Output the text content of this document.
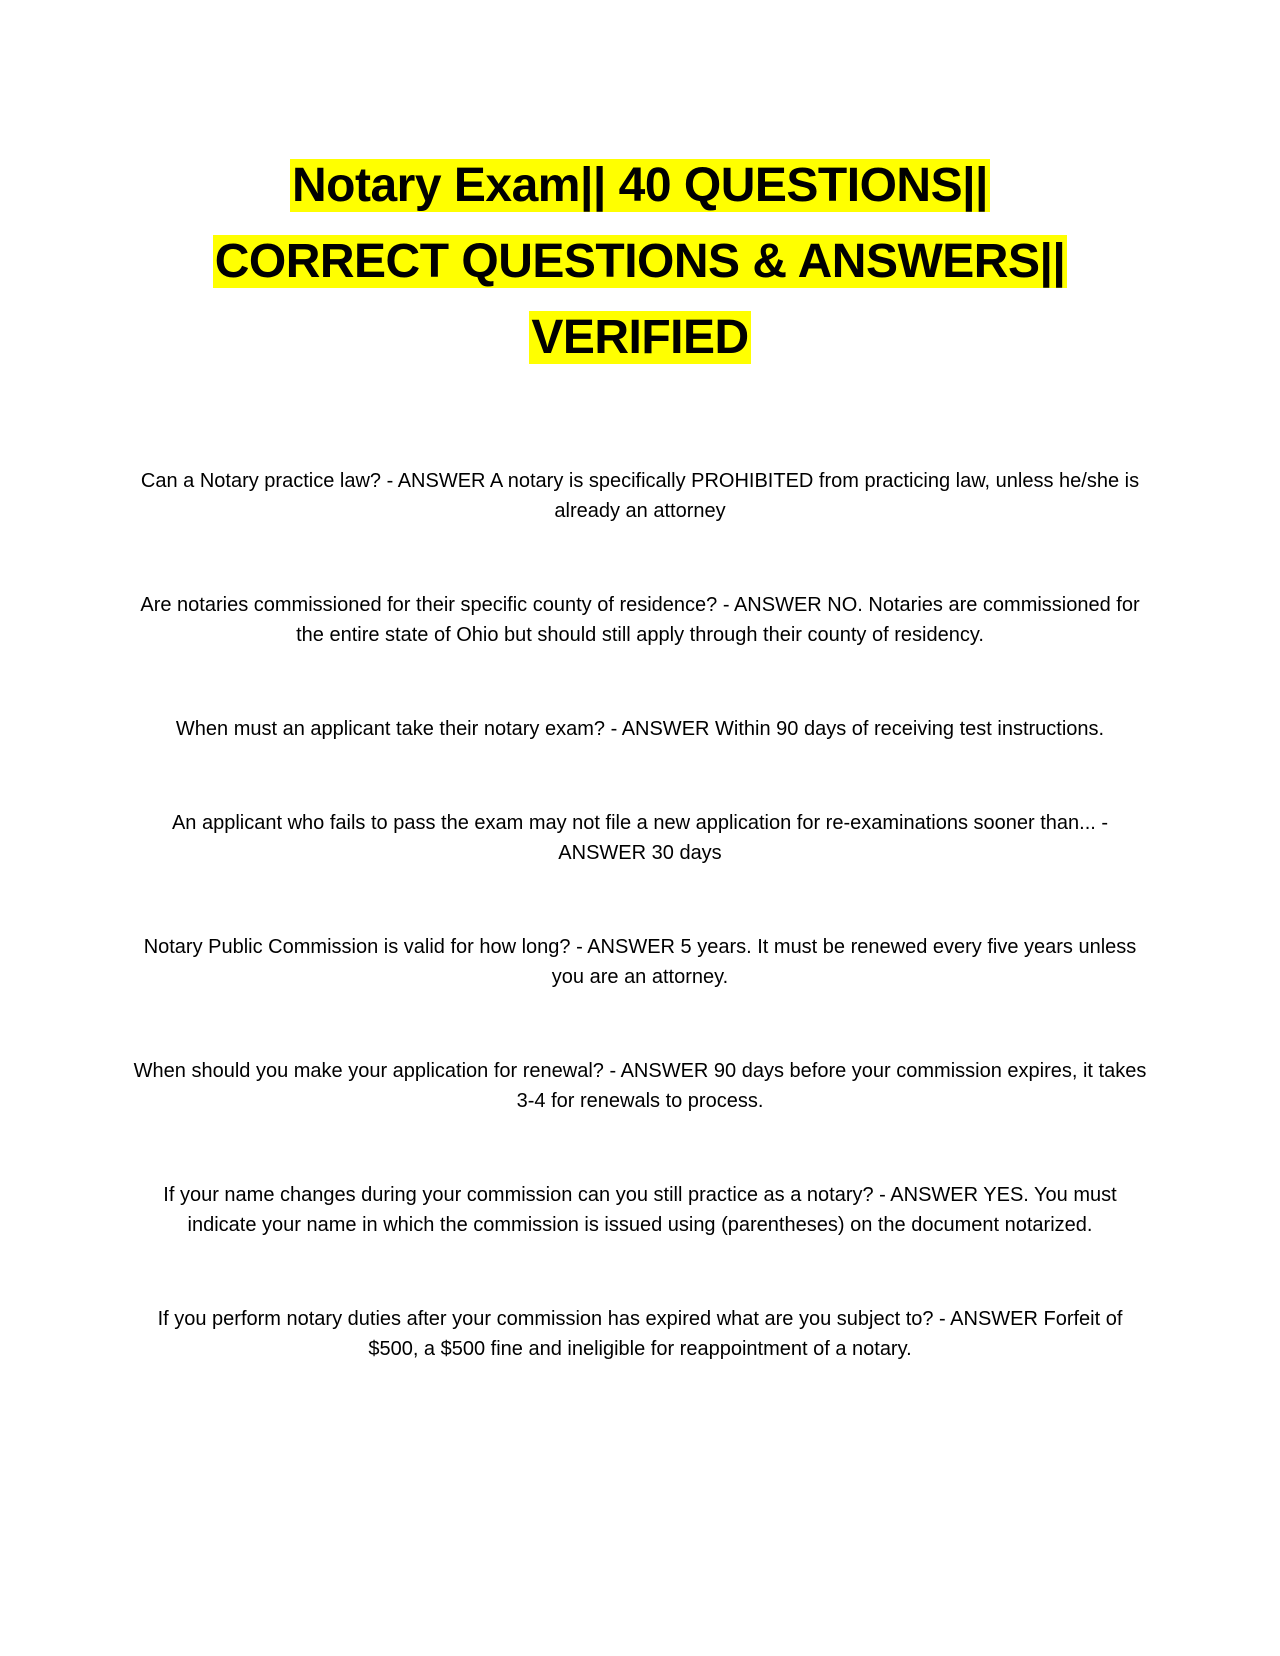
Notary Exam|| 40 QUESTIONS||
CORRECT QUESTIONS & ANSWERS||
VERIFIED

Can a Notary practice law? - ANSWER A notary is specifically PROHIBITED from practicing law, unless he/she is already an attorney

Are notaries commissioned for their specific county of residence? - ANSWER NO. Notaries are commissioned for the entire state of Ohio but should still apply through their county of residency.

When must an applicant take their notary exam? - ANSWER Within 90 days of receiving test instructions.

An applicant who fails to pass the exam may not file a new application for re-examinations sooner than... - ANSWER 30 days

Notary Public Commission is valid for how long? - ANSWER 5 years. It must be renewed every five years unless you are an attorney.

When should you make your application for renewal? - ANSWER 90 days before your commission expires, it takes 3-4 for renewals to process.

If your name changes during your commission can you still practice as a notary? - ANSWER YES. You must indicate your name in which the commission is issued using (parentheses) on the document notarized.

If you perform notary duties after your commission has expired what are you subject to? - ANSWER Forfeit of $500, a $500 fine and ineligible for reappointment of a notary.
